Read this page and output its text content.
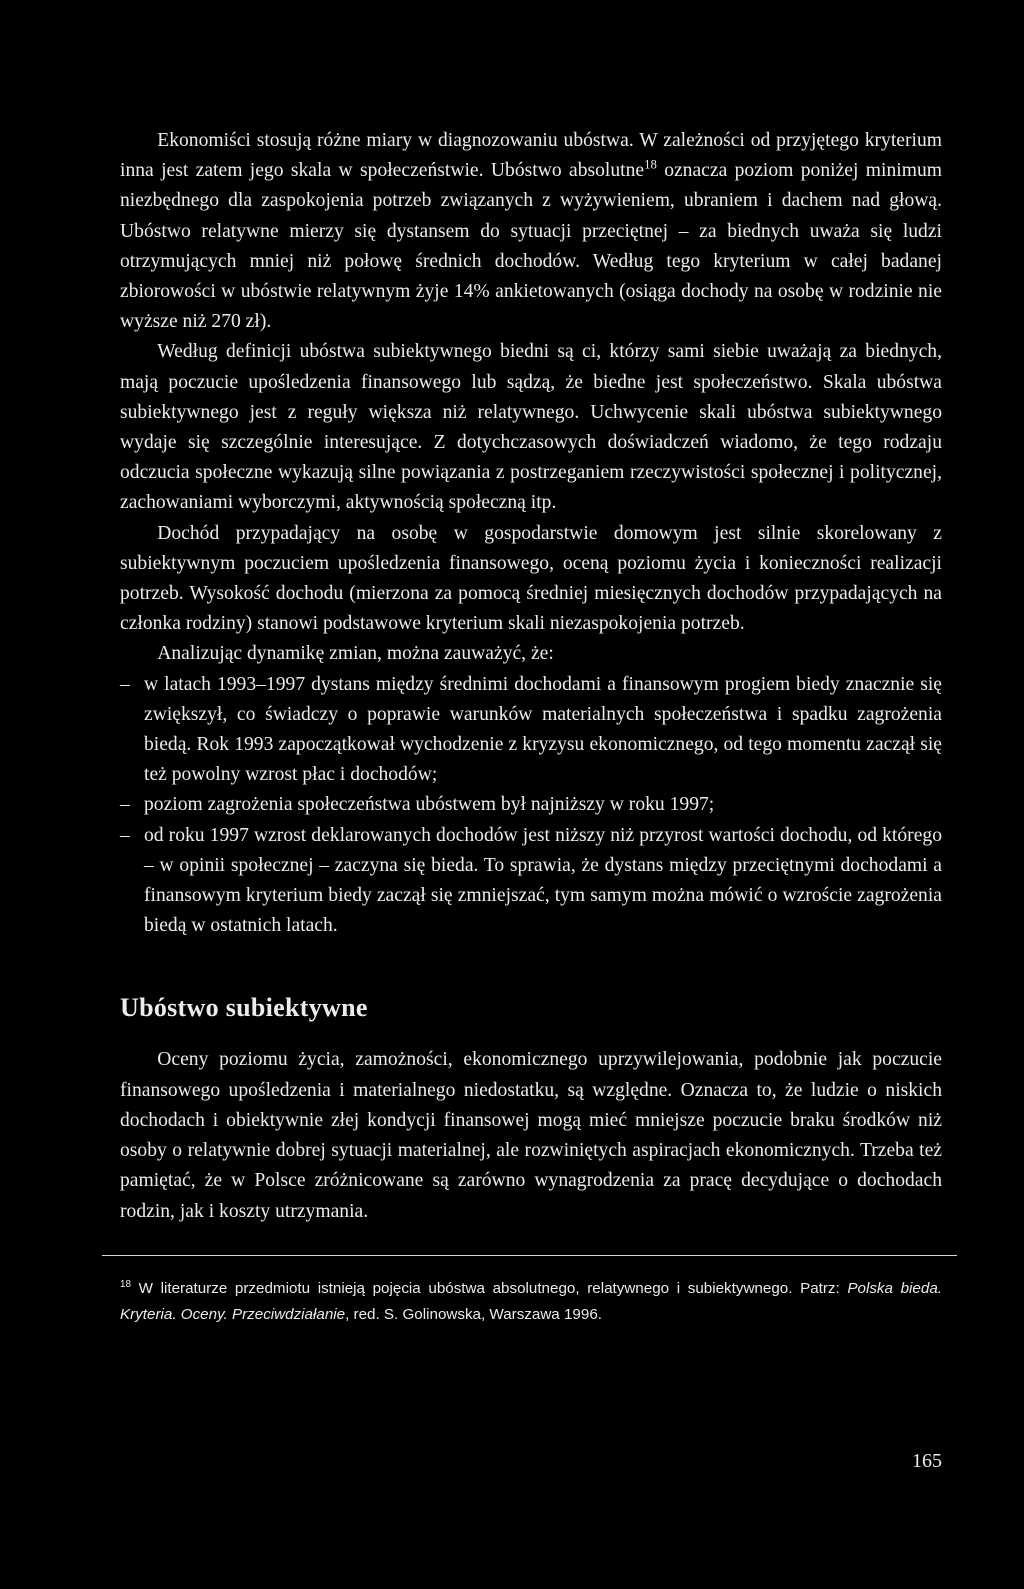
Ekonomiści stosują różne miary w diagnozowaniu ubóstwa. W zależności od przyjętego kryterium inna jest zatem jego skala w społeczeństwie. Ubóstwo absolutne$^{18}$ oznacza poziom poniżej minimum niezbędnego dla zaspokojenia potrzeb związanych z wyżywieniem, ubraniem i dachem nad głową. Ubóstwo relatywne mierzy się dystansem do sytuacji przeciętnej – za biednych uważa się ludzi otrzymujących mniej niż połowę średnich dochodów. Według tego kryterium w całej badanej zbiorowości w ubóstwie relatywnym żyje 14% ankietowanych (osiąga dochody na osobę w rodzinie nie wyższe niż 270 zł).

Według definicji ubóstwa subiektywnego biedni są ci, którzy sami siebie uważają za biednych, mają poczucie upośledzenia finansowego lub sądzą, że biedne jest społeczeństwo. Skala ubóstwa subiektywnego jest z reguły większa niż relatywnego. Uchwycenie skali ubóstwa subiektywnego wydaje się szczególnie interesujące. Z dotychczasowych doświadczeń wiadomo, że tego rodzaju odczucia społeczne wykazują silne powiązania z postrzeganiem rzeczywistości społecznej i politycznej, zachowaniami wyborczymi, aktywnością społeczną itp.

Dochód przypadający na osobę w gospodarstwie domowym jest silnie skorelowany z subiektywnym poczuciem upośledzenia finansowego, oceną poziomu życia i konieczności realizacji potrzeb. Wysokość dochodu (mierzona za pomocą średniej miesięcznych dochodów przypadających na członka rodziny) stanowi podstawowe kryterium skali niezaspokojenia potrzeb.

Analizując dynamikę zmian, można zauważyć, że:

– w latach 1993–1997 dystans między średnimi dochodami a finansowym progiem biedy znacznie się zwiększył, co świadczy o poprawie warunków materialnych społeczeństwa i spadku zagrożenia biedą. Rok 1993 zapoczątkował wychodzenie z kryzysu ekonomicznego, od tego momentu zaczął się też powolny wzrost płac i dochodów;
– poziom zagrożenia społeczeństwa ubóstwem był najniższy w roku 1997;
– od roku 1997 wzrost deklarowanych dochodów jest niższy niż przyrost wartości dochodu, od którego – w opinii społecznej – zaczyna się bieda. To sprawia, że dystans między przeciętnymi dochodami a finansowym kryterium biedy zaczął się zmniejszać, tym samym można mówić o wzroście zagrożenia biedą w ostatnich latach.
Ubóstwo subiektywne

Oceny poziomu życia, zamożności, ekonomicznego uprzywilejowania, podobnie jak poczucie finansowego upośledzenia i materialnego niedostatku, są względne. Oznacza to, że ludzie o niskich dochodach i obiektywnie złej kondycji finansowej mogą mieć mniejsze poczucie braku środków niż osoby o relatywnie dobrej sytuacji materialnej, ale rozwiniętych aspiracjach ekonomicznych. Trzeba też pamiętać, że w Polsce zróżnicowane są zarówno wynagrodzenia za pracę decydujące o dochodach rodzin, jak i koszty utrzymania.

$^{18}$ W literaturze przedmiotu istnieją pojęcia ubóstwa absolutnego, relatywnego i subiektywnego. Patrz: Polska bieda. Kryteria. Oceny. Przeciwdziałanie, red. S. Golinowska, Warszawa 1996.

165
